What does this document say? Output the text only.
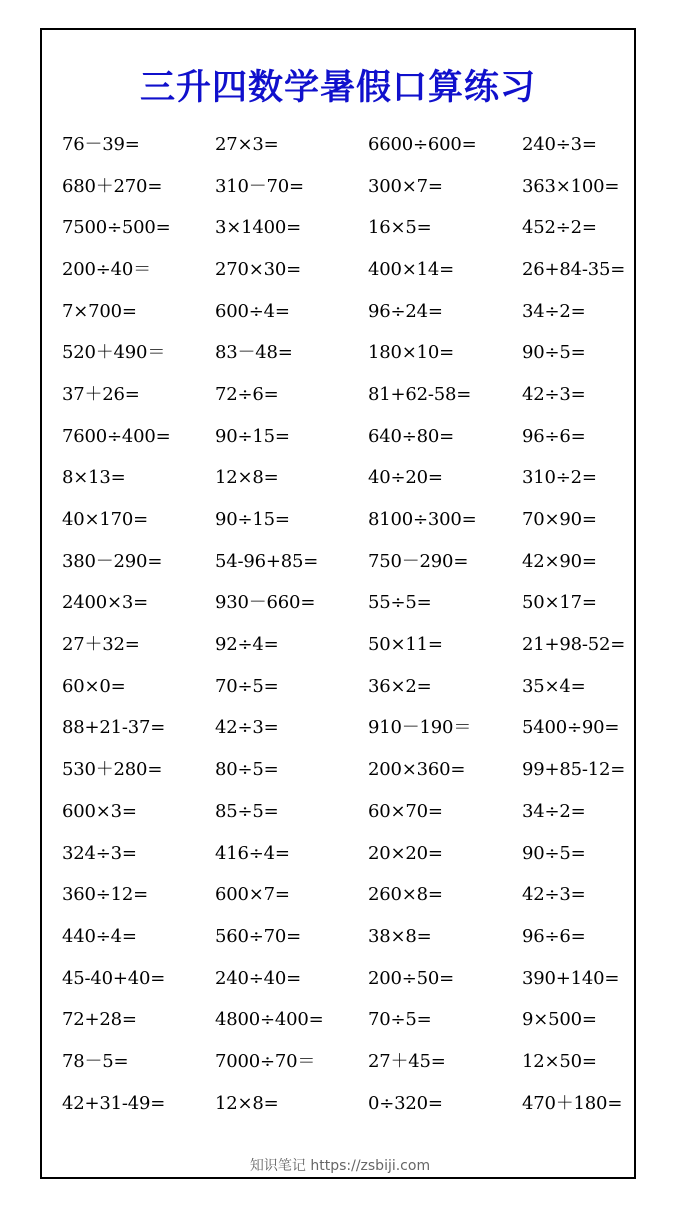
三升四数学暑假口算练习
76－39=	27×3=	6600÷600=	240÷3=
680＋270=	310－70=	300×7=	363×100=
7500÷500=	3×1400=	16×5=	452÷2=
200÷40＝	270×30=	400×14=	26+84-35=
7×700=	600÷4=	96÷24=	34÷2=
520＋490＝	83－48=	180×10=	90÷5=
37＋26=	72÷6=	81+62-58=	42÷3=
7600÷400=	90÷15=	640÷80=	96÷6=
8×13=	12×8=	40÷20=	310÷2=
40×170=	90÷15=	8100÷300=	70×90=
380－290=	54-96+85=	750－290=	42×90=
2400×3=	930－660=	55÷5=	50×17=
27＋32=	92÷4=	50×11=	21+98-52=
60×0=	70÷5=	36×2=	35×4=
88+21-37=	42÷3=	910－190＝	5400÷90=
530＋280=	80÷5=	200×360=	99+85-12=
600×3=	85÷5=	60×70=	34÷2=
324÷3=	416÷4=	20×20=	90÷5=
360÷12=	600×7=	260×8=	42÷3=
440÷4=	560÷70=	38×8=	96÷6=
45-40+40=	240÷40=	200÷50=	390+140=
72+28=	4800÷400=	70÷5=	9×500=
78－5=	7000÷70＝	27＋45=	12×50=
42+31-49=	12×8=	0÷320=	470＋180=
知识笔记 https://zsbiji.com
